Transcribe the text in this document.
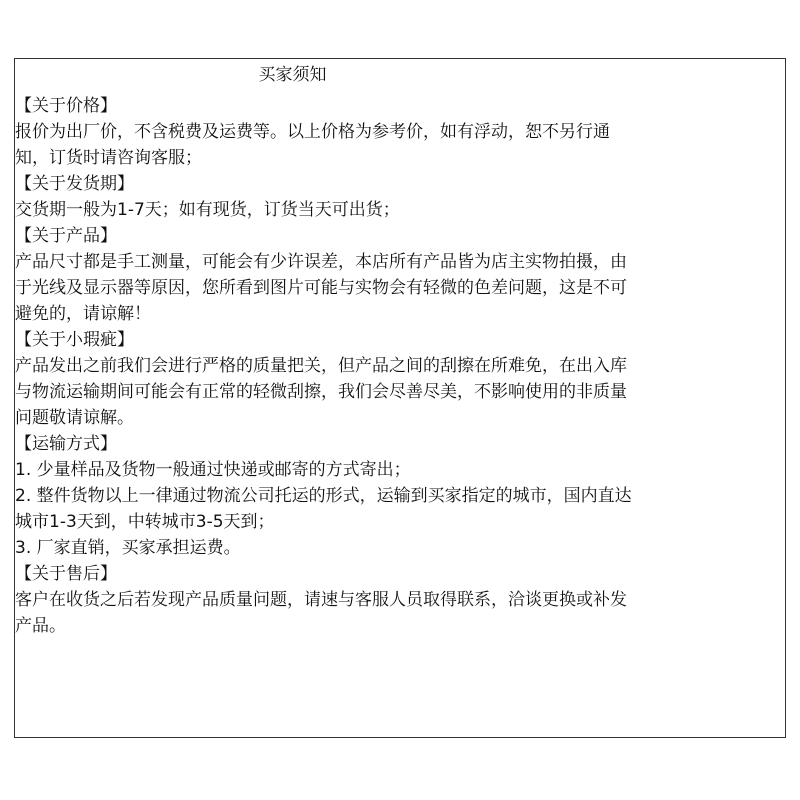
买家须知
【关于价格】
报价为出厂价，不含税费及运费等。以上价格为参考价，如有浮动，恕不另行通
知，订货时请咨询客服；
【关于发货期】
交货期一般为1-7天；如有现货，订货当天可出货；
【关于产品】
产品尺寸都是手工测量，可能会有少许误差，本店所有产品皆为店主实物拍摄，由
于光线及显示器等原因，您所看到图片可能与实物会有轻微的色差问题，这是不可
避免的，请谅解！
【关于小瑕疵】
产品发出之前我们会进行严格的质量把关，但产品之间的刮擦在所难免，在出入库
与物流运输期间可能会有正常的轻微刮擦，我们会尽善尽美，不影响使用的非质量
问题敬请谅解。
【运输方式】
1. 少量样品及货物一般通过快递或邮寄的方式寄出；
2. 整件货物以上一律通过物流公司托运的形式，运输到买家指定的城市，国内直达
城市1-3天到，中转城市3-5天到；
3. 厂家直销，买家承担运费。
【关于售后】
客户在收货之后若发现产品质量问题，请速与客服人员取得联系，洽谈更换或补发
产品。
